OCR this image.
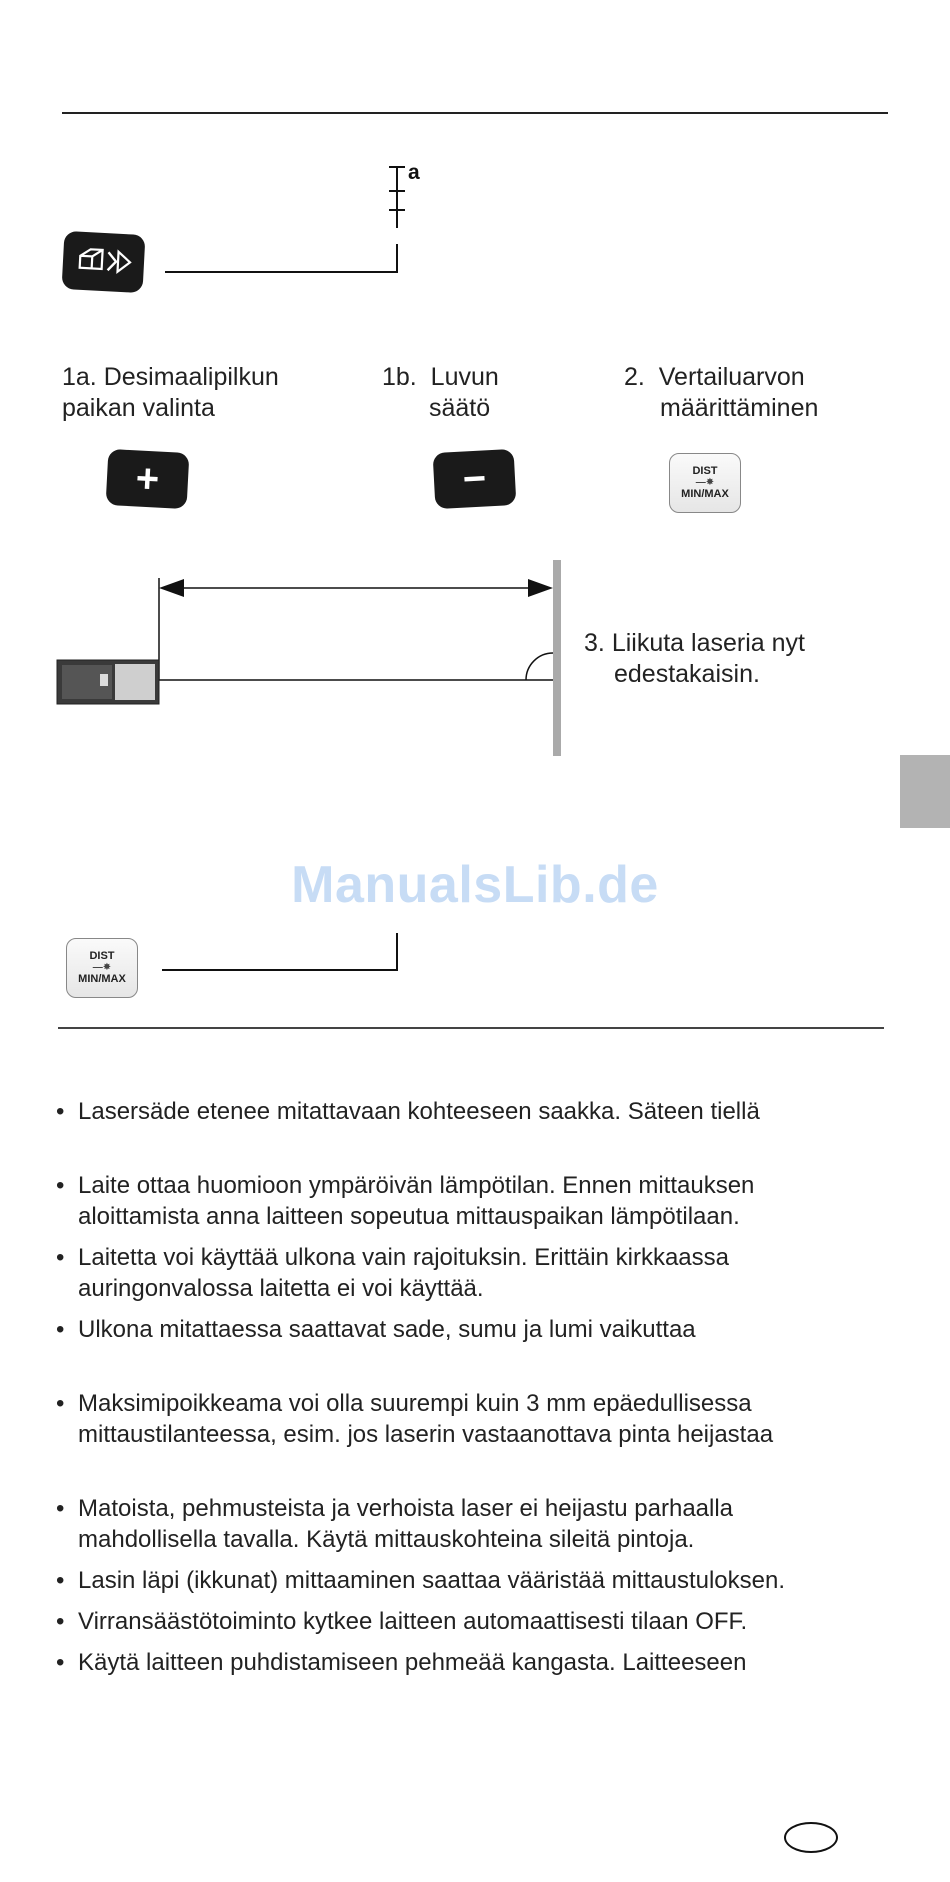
a
1a. Desimaalipilkun
paikan valinta
1b. Luvun
säätö
2. Vertailuarvon
määrittäminen
+	−	DIST
—✸
MIN/MAX
3. Liikuta laseria nyt
edestakaisin.
ManualsLib.de
DIST
—✸
MIN/MAX
• Lasersäde etenee mitattavaan kohteeseen saakka. Säteen tiellä
• Laite ottaa huomioon ympäröivän lämpötilan. Ennen mittauksen
aloittamista anna laitteen sopeutua mittauspaikan lämpötilaan.
• Laitetta voi käyttää ulkona vain rajoituksin. Erittäin kirkkaassa
auringonvalossa laitetta ei voi käyttää.
• Ulkona mitattaessa saattavat sade, sumu ja lumi vaikuttaa
• Maksimipoikkeama voi olla suurempi kuin 3 mm epäedullisessa
mittaustilanteessa, esim. jos laserin vastaanottava pinta heijastaa
• Matoista, pehmusteista ja verhoista laser ei heijastu parhaalla
mahdollisella tavalla. Käytä mittauskohteina sileitä pintoja.
• Lasin läpi (ikkunat) mittaaminen saattaa vääristää mittaustuloksen.
• Virransäästötoiminto kytkee laitteen automaattisesti tilaan OFF.
• Käytä laitteen puhdistamiseen pehmeää kangasta. Laitteeseen
